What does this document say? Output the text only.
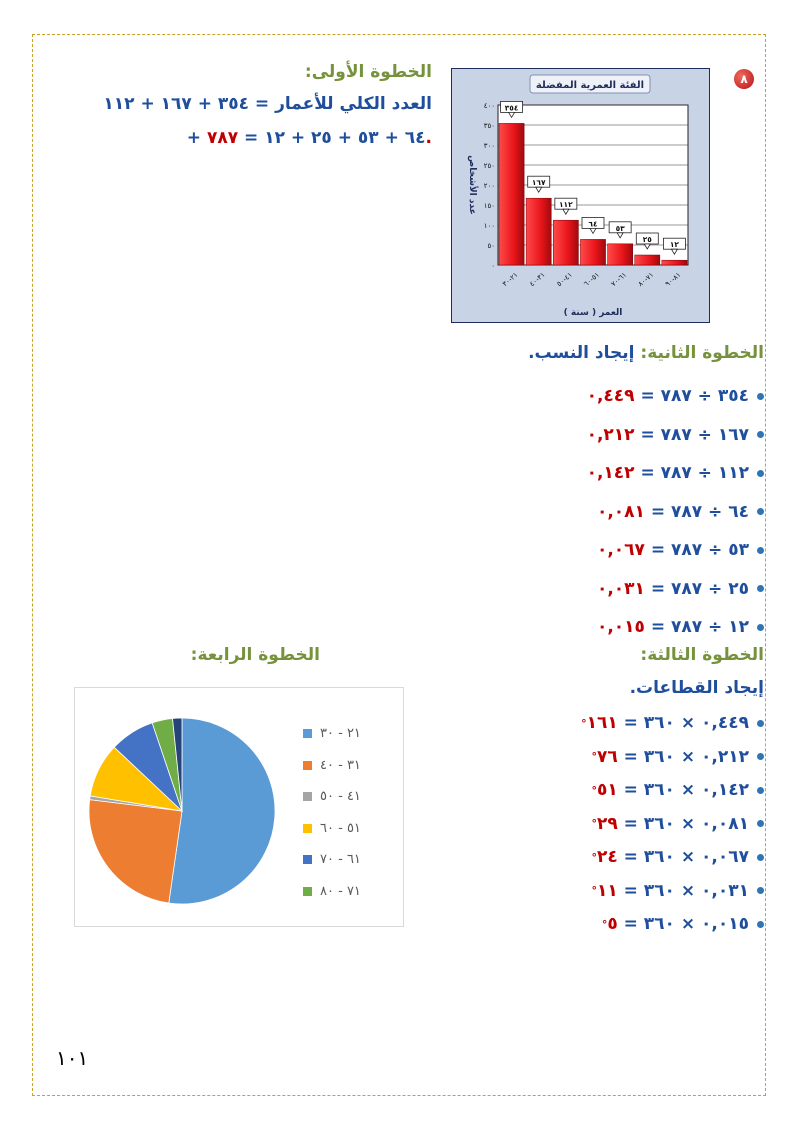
٨
الفئة العمرية المفضلة
٠
٥٠
١٠٠
١٥٠
٢٠٠
٢٥٠
٣٠٠
٣٥٠
٤٠٠
عدد الأشخاص
٣٥٤
٢١-٣٠
١٦٧
٣١-٤٠
١١٢
٤١-٥٠
٦٤
٥١-٦٠
٥٣
٦١-٧٠
٢٥
٧١-٨٠
١٢
٨١-٩٠
العمر ( سنة )
الخطوة الأولى:
العدد الكلي للأعمار = ٣٥٤ + ١٦٧ + ١١٢
+ ٦٤ + ٥٣ + ٢٥ + ١٢ = ٧٨٧.
الخطوة الثانية: إيجاد النسب.
٣٥٤ ÷ ٧٨٧ =

٠,٤٤٩
١٦٧ ÷ ٧٨٧ =

٠,٢١٢
١١٢ ÷ ٧٨٧ =

٠,١٤٢
٦٤ ÷ ٧٨٧ =

٠,٠٨١
٥٣ ÷ ٧٨٧ =

٠,٠٦٧
٢٥ ÷ ٧٨٧ =

٠,٠٣١
١٢ ÷ ٧٨٧ =

٠,٠١٥
الخطوة الثالثة:
إيجاد القطاعات.
٠,٤٤٩ × ٣٦٠ =

١٦١
°
٠,٢١٢ × ٣٦٠ =

٧٦
°
٠,١٤٢ × ٣٦٠ =

٥١
°
٠,٠٨١ × ٣٦٠ =

٢٩
°
٠,٠٦٧ × ٣٦٠ =

٢٤
°
٠,٠٣١ × ٣٦٠ =

١١
°
٠,٠١٥ × ٣٦٠ =

٥
°
الخطوة الرابعة:
٢١ - ٣٠
٣١ - ٤٠
٤١ - ٥٠
٥١ - ٦٠
٦١ - ٧٠
٧١ - ٨٠
١٠١
